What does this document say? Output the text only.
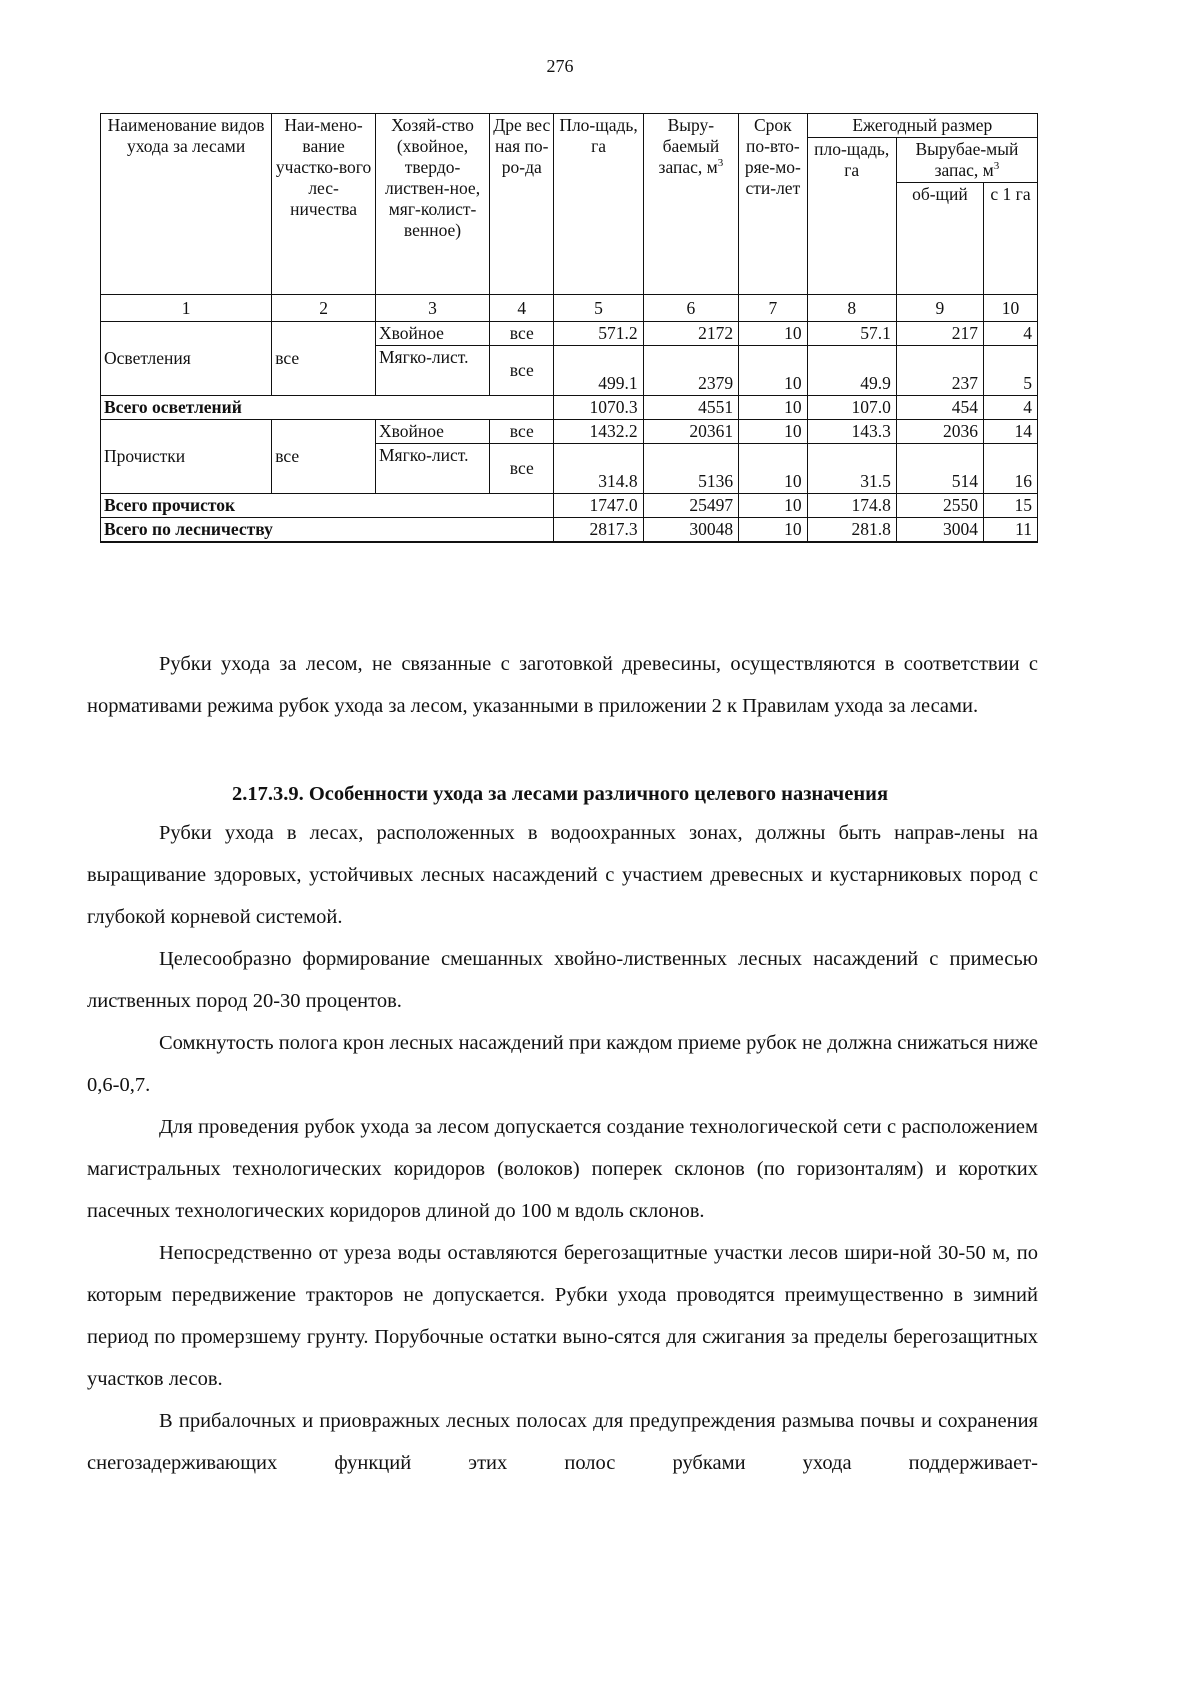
276
Наименование видов ухода за лесами	Наи-мено-вание участко-вого лес-ничества	Хозяй-ство (хвойное, твердо-листвен-ное, мяг-колист-венное)	Дре вес ная по-ро-да	Пло-щадь, га	Выру-баемый запас, $м^3$	Срок по-вто-ряе-мо-сти-лет	Ежегодный размер		
							пло-щадь, га	Вырубае-мый запас, $м^3$
								об-щий	с 1 га
1	2	3	4	5	6	7	8	9	10
Осветления	все	Хвойное	все	571.2	2172	10	57.1	217	4
		Мягко-лист.	все	499.1	2379	10	49.9	237	5
Всего осветлений				1070.3	4551	10	107.0	454	4
Прочистки	все	Хвойное	все	1432.2	20361	10	143.3	2036	14
		Мягко-лист.	все	314.8	5136	10	31.5	514	16
Всего прочисток				1747.0	25497	10	174.8	2550	15
Всего по лесничеству				2817.3	30048	10	281.8	3004	11

Рубки ухода за лесом, не связанные с заготовкой древесины, осуществляются в соответствии с нормативами режима рубок ухода за лесом, указанными в приложении 2 к Правилам ухода за лесами.

2.17.3.9. Особенности ухода за лесами различного целевого назначения

Рубки ухода в лесах, расположенных в водоохранных зонах, должны быть направ-лены на выращивание здоровых, устойчивых лесных насаждений с участием древесных и кустарниковых пород с глубокой корневой системой.

Целесообразно формирование смешанных хвойно-лиственных лесных насаждений с примесью лиственных пород 20-30 процентов.

Сомкнутость полога крон лесных насаждений при каждом приеме рубок не должна снижаться ниже 0,6-0,7.

Для проведения рубок ухода за лесом допускается создание технологической сети с расположением магистральных технологических коридоров (волоков) поперек склонов (по горизонталям) и коротких пасечных технологических коридоров длиной до 100 м вдоль склонов.

Непосредственно от уреза воды оставляются берегозащитные участки лесов шири-ной 30-50 м, по которым передвижение тракторов не допускается. Рубки ухода проводятся преимущественно в зимний период по промерзшему грунту. Порубочные остатки выно-сятся для сжигания за пределы берегозащитных участков лесов.

В прибалочных и приовражных лесных полосах для предупреждения размыва почвы и сохранения снегозадерживающих функций этих полос рубками ухода поддерживает-
